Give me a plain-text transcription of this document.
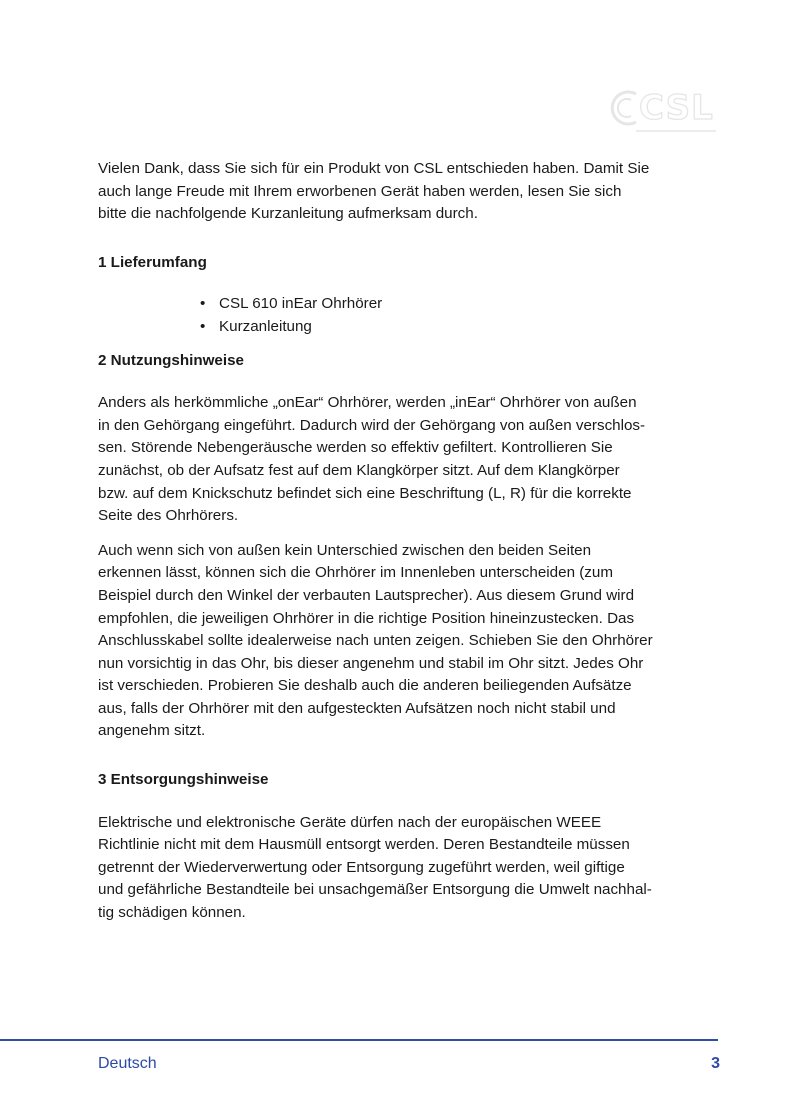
CSL

Vielen Dank, dass Sie sich für ein Produkt von CSL entschieden haben. Damit Sie
auch lange Freude mit Ihrem erworbenen Gerät haben werden, lesen Sie sich
bitte die nachfolgende Kurzanleitung aufmerksam durch.

1 Lieferumfang
• CSL 610 inEar Ohrhörer
• Kurzanleitung
2 Nutzungshinweise

Anders als herkömmliche „onEar“ Ohrhörer, werden „inEar“ Ohrhörer von außen
in den Gehörgang eingeführt. Dadurch wird der Gehörgang von außen verschlos-
sen. Störende Nebengeräusche werden so effektiv gefiltert. Kontrollieren Sie
zunächst, ob der Aufsatz fest auf dem Klangkörper sitzt. Auf dem Klangkörper
bzw. auf dem Knickschutz befindet sich eine Beschriftung (L, R) für die korrekte
Seite des Ohrhörers.

Auch wenn sich von außen kein Unterschied zwischen den beiden Seiten
erkennen lässt, können sich die Ohrhörer im Innenleben unterscheiden (zum
Beispiel durch den Winkel der verbauten Lautsprecher). Aus diesem Grund wird
empfohlen, die jeweiligen Ohrhörer in die richtige Position hineinzustecken. Das
Anschlusskabel sollte idealerweise nach unten zeigen. Schieben Sie den Ohrhörer
nun vorsichtig in das Ohr, bis dieser angenehm und stabil im Ohr sitzt. Jedes Ohr
ist verschieden. Probieren Sie deshalb auch die anderen beiliegenden Aufsätze
aus, falls der Ohrhörer mit den aufgesteckten Aufsätzen noch nicht stabil und
angenehm sitzt.

3 Entsorgungshinweise

Elektrische und elektronische Geräte dürfen nach der europäischen WEEE
Richtlinie nicht mit dem Hausmüll entsorgt werden. Deren Bestandteile müssen
getrennt der Wiederverwertung oder Entsorgung zugeführt werden, weil giftige
und gefährliche Bestandteile bei unsachgemäßer Entsorgung die Umwelt nachhal-
tig schädigen können.

Deutsch	3
